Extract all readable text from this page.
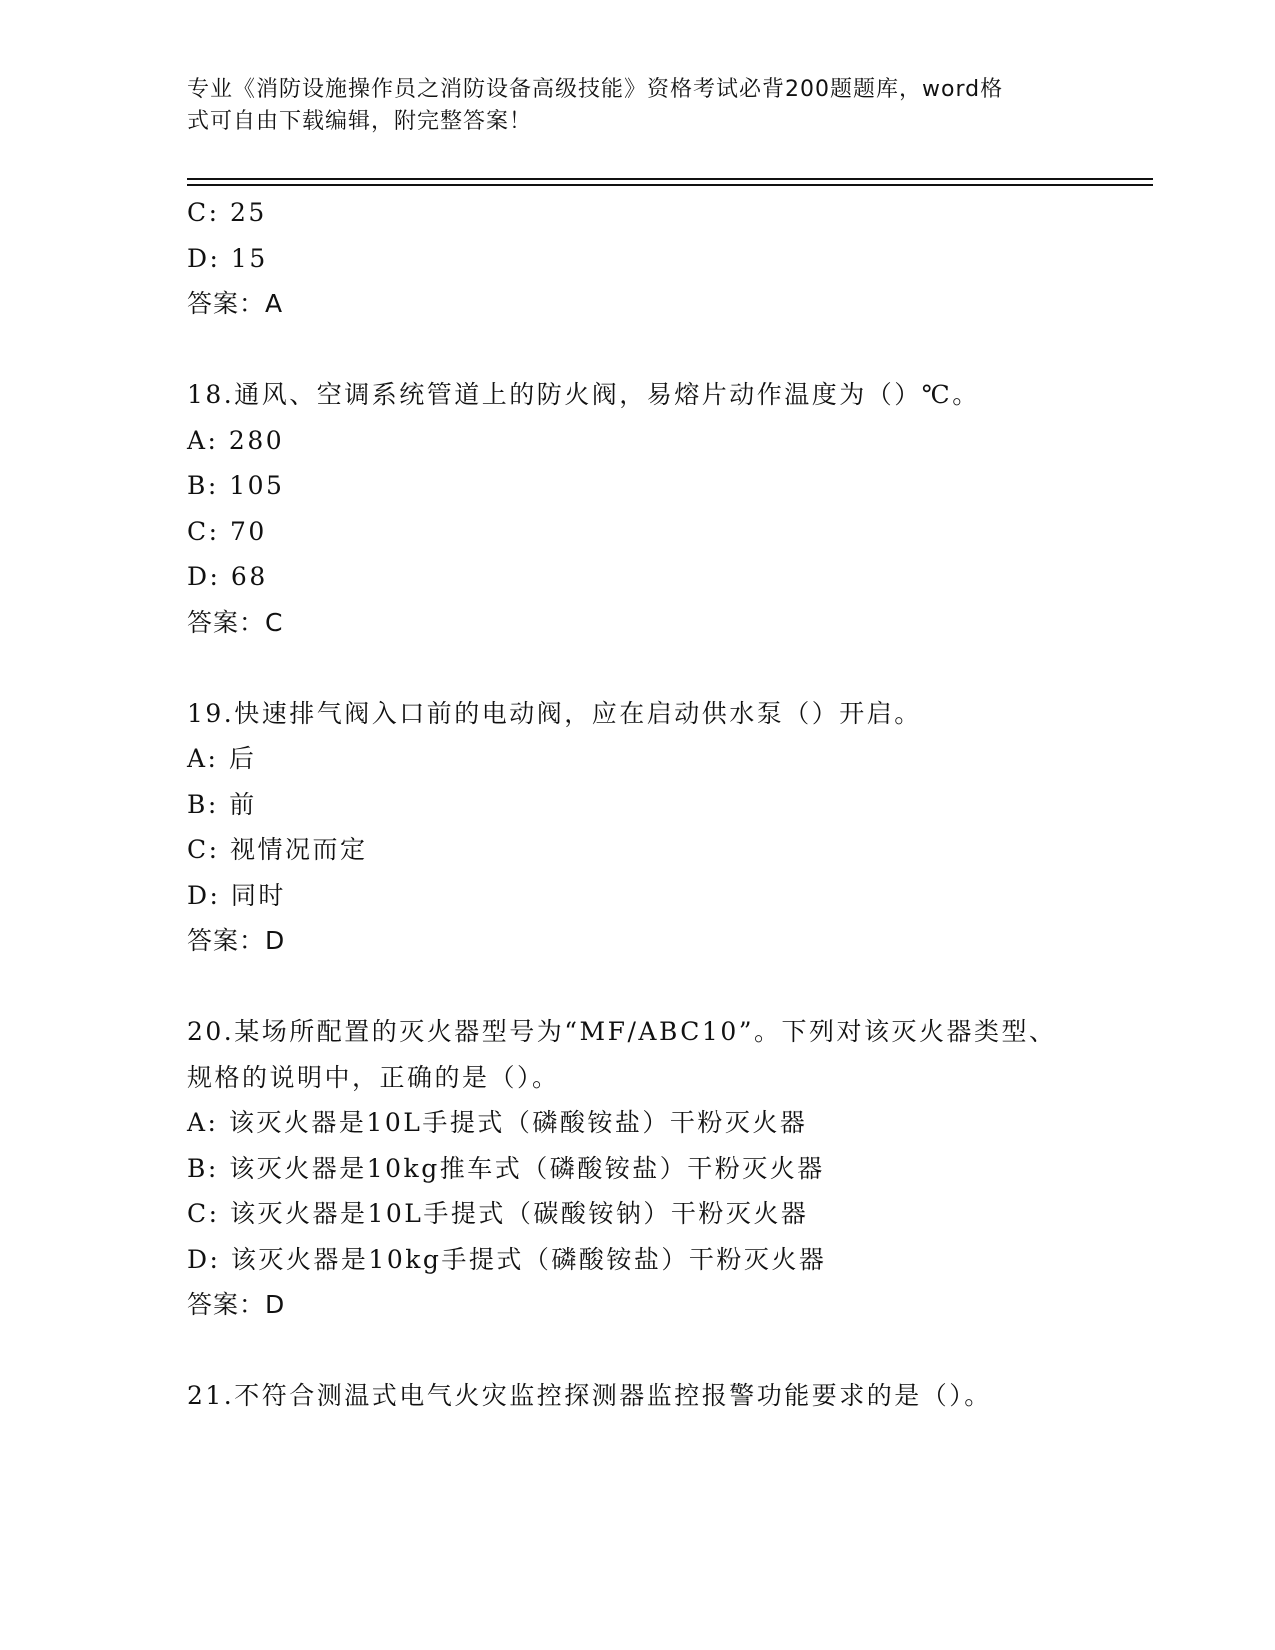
专业《消防设施操作员之消防设备高级技能》资格考试必背200题题库，word格
式可自由下载编辑，附完整答案！
C: 25
D: 15
答案：A
18.通风、空调系统管道上的防火阀，易熔片动作温度为（）℃。
A: 280
B: 105
C: 70
D: 68
答案：C
19.快速排气阀入口前的电动阀，应在启动供水泵（）开启。
A: 后
B: 前
C: 视情况而定
D: 同时
答案：D
20.某场所配置的灭火器型号为“MF/ABC10”。下列对该灭火器类型、
规格的说明中，正确的是（）。
A: 该灭火器是10L手提式（磷酸铵盐）干粉灭火器
B: 该灭火器是10kg推车式（磷酸铵盐）干粉灭火器
C: 该灭火器是10L手提式（碳酸铵钠）干粉灭火器
D: 该灭火器是10kg手提式（磷酸铵盐）干粉灭火器
答案：D
21.不符合测温式电气火灾监控探测器监控报警功能要求的是（）。
